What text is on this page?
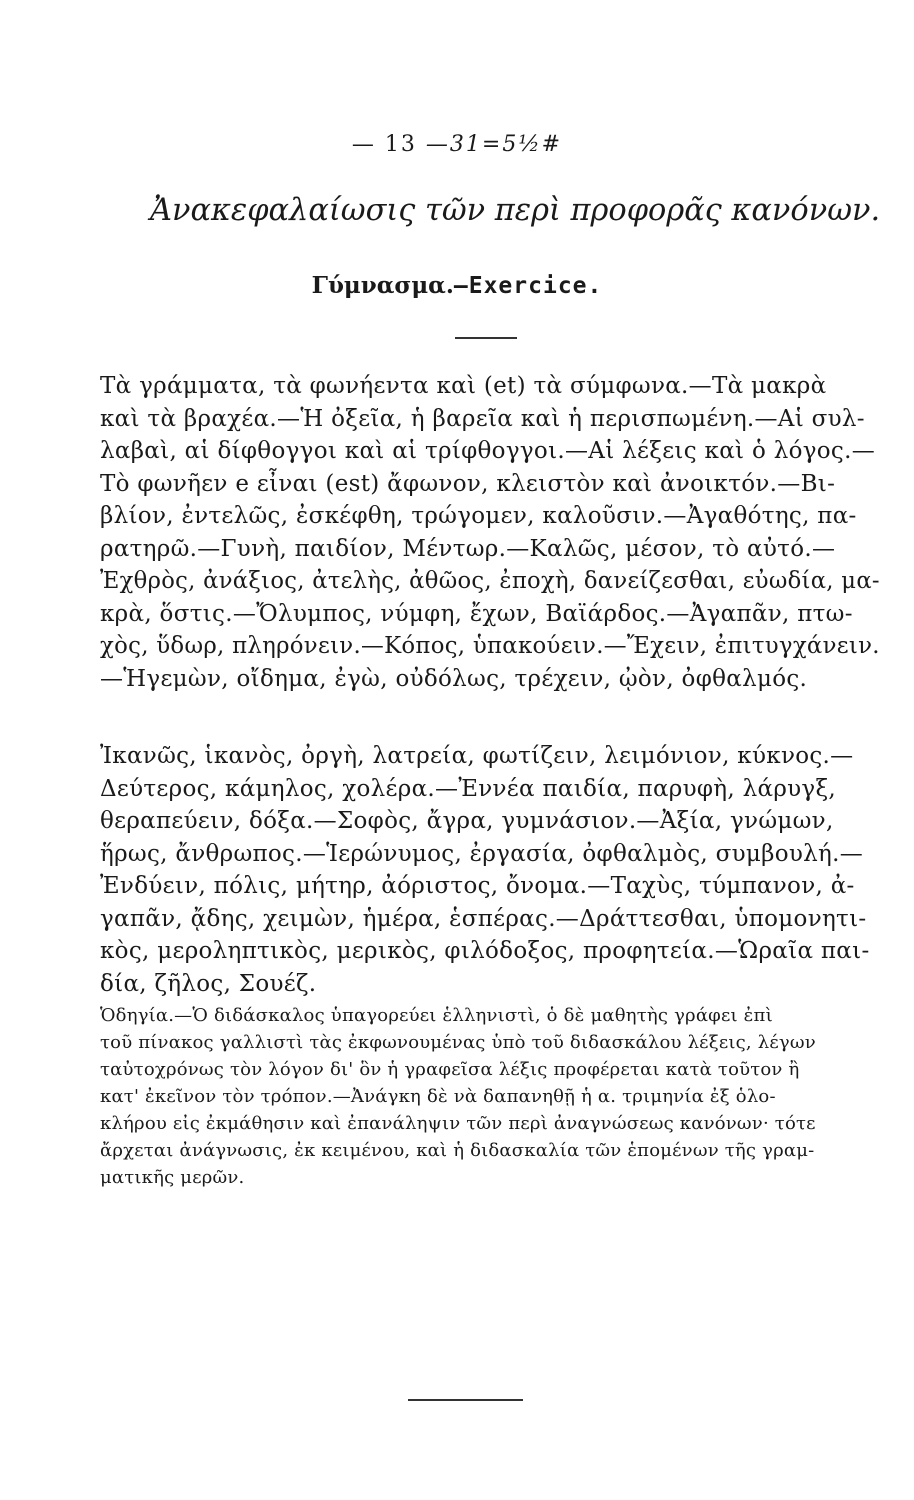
— 13 —31=5½#
Ἀνακεφαλαίωσις τῶν περὶ προφορᾶς κανόνων.
Γύμνασμα.—Exercice.

Τὰ γράμματα, τὰ φωνήεντα καὶ (et) τὰ σύμφωνα.—Τὰ μακρὰ
καὶ τὰ βραχέα.—Ἡ ὀξεῖα, ἡ βαρεῖα καὶ ἡ περισπωμένη.—Αἱ συλ-
λαβαὶ, αἱ δίφθογγοι καὶ αἱ τρίφθογγοι.—Αἱ λέξεις καὶ ὁ λόγος.—
Τὸ φωνῆεν e εἶναι (est) ἄφωνον, κλειστὸν καὶ ἀνοικτόν.—Βι-
βλίον, ἐντελῶς, ἐσκέφθη, τρώγομεν, καλοῦσιν.—Ἀγαθότης, πα-
ρατηρῶ.—Γυνὴ, παιδίον, Μέντωρ.—Καλῶς, μέσον, τὸ αὐτό.—
Ἐχθρὸς, ἀνάξιος, ἀτελὴς, ἀθῶος, ἐποχὴ, δανείζεσθαι, εὐωδία, μα-
κρὰ, ὅστις.—Ὄλυμπος, νύμφη, ἔχων, Βαϊάρδος.—Ἀγαπᾶν, πτω-
χὸς, ὕδωρ, πληρόνειν.—Κόπος, ὑπακούειν.—Ἔχειν, ἐπιτυγχάνειν.
—Ἡγεμὼν, οἴδημα, ἐγὼ, οὐδόλως, τρέχειν, ᾠὸν, ὀφθαλμός.

Ἰκανῶς, ἱκανὸς, ὀργὴ, λατρεία, φωτίζειν, λειμόνιον, κύκνος.—
Δεύτερος, κάμηλος, χολέρα.—Ἐννέα παιδία, παρυφὴ, λάρυγξ,
θεραπεύειν, δόξα.—Σοφὸς, ἄγρα, γυμνάσιον.—Ἀξία, γνώμων,
ἥρως, ἄνθρωπος.—Ἱερώνυμος, ἐργασία, ὀφθαλμὸς, συμβουλή.—
Ἐνδύειν, πόλις, μήτηρ, ἀόριστος, ὄνομα.—Ταχὺς, τύμπανον, ἀ-
γαπᾶν, ᾄδης, χειμὼν, ἡμέρα, ἑσπέρας.—Δράττεσθαι, ὑπομονητι-
κὸς, μεροληπτικὸς, μερικὸς, φιλόδοξος, προφητεία.—Ὡραῖα παι-
δία, ζῆλος, Σουέζ.

Ὁδηγία.—Ὁ διδάσκαλος ὑπαγορεύει ἑλληνιστὶ, ὁ δὲ μαθητὴς γράφει ἐπὶ
τοῦ πίνακος γαλλιστὶ τὰς ἐκφωνουμένας ὑπὸ τοῦ διδασκάλου λέξεις, λέγων
ταὐτοχρόνως τὸν λόγον δι' ὃν ἡ γραφεῖσα λέξις προφέρεται κατὰ τοῦτον ἢ
κατ' ἐκεῖνον τὸν τρόπον.—Ἀνάγκη δὲ νὰ δαπανηθῇ ἡ α. τριμηνία ἐξ ὁλο-
κλήρου εἰς ἐκμάθησιν καὶ ἐπανάληψιν τῶν περὶ ἀναγνώσεως κανόνων· τότε
ἄρχεται ἀνάγνωσις, ἐκ κειμένου, καὶ ἡ διδασκαλία τῶν ἑπομένων τῆς γραμ-
ματικῆς μερῶν.
